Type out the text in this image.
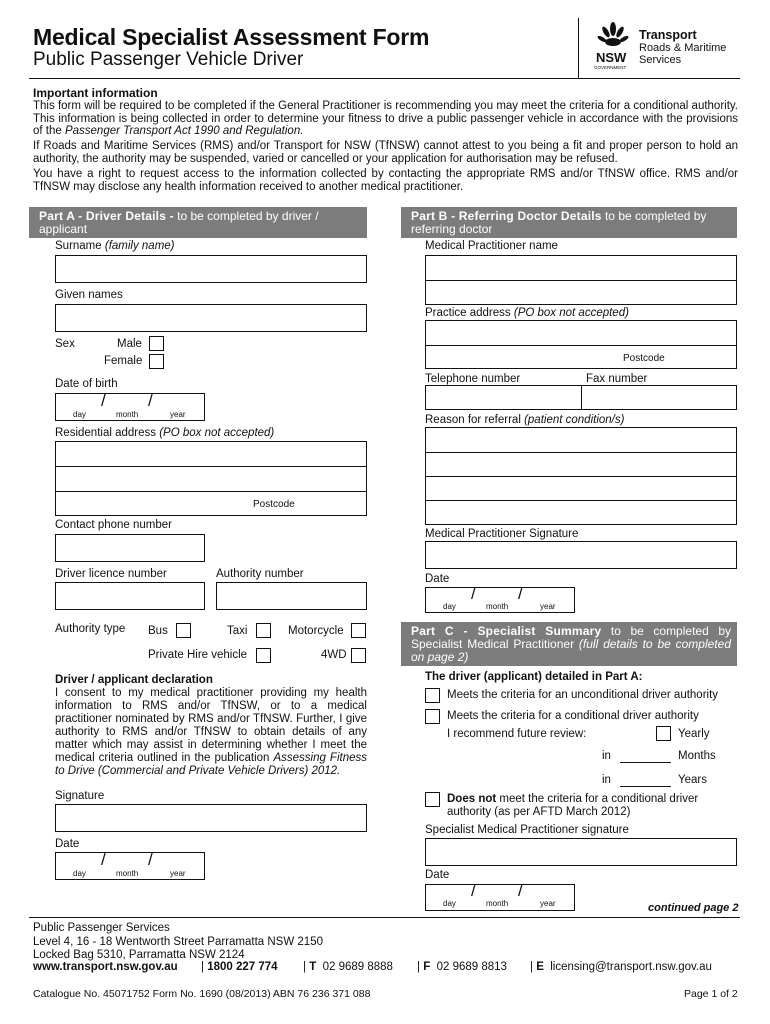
Medical Specialist Assessment Form
Public Passenger Vehicle Driver	NSW
GOVERNMENT
Transport
Roads & Maritime
Services
Important information
This form will be required to be completed if the General Practitioner is recommending you may meet the criteria for a conditional authority. This information is being collected in order to determine your fitness to drive a public passenger vehicle in accordance with the provisions of the Passenger Transport Act 1990 and Regulation.
If Roads and Maritime Services (RMS) and/or Transport for NSW (TfNSW) cannot attest to you being a fit and proper person to hold an authority, the authority may be suspended, varied or cancelled or your application for authorisation may be refused.
You have a right to request access to the information collected by contacting the appropriate RMS and/or TfNSW office. RMS and/or TfNSW may disclose any health information received to another medical practitioner.
Part A - Driver Details - to be completed by driver / applicant
Surname (family name)
Given names
Sex	Male
Female
Date of birth
/ /
day	month	year
Residential address (PO box not accepted)
Postcode
Contact phone number
Driver licence number	Authority number
Authority type Bus	Taxi	Motorcycle
Private Hire vehicle	4WD
Driver / applicant declaration
I consent to my medical practitioner providing my health information to RMS and/or TfNSW, or to a medical practitioner nominated by RMS and/or TfNSW. Further, I give authority to RMS and/or TfNSW to obtain details of any matter which may assist in determining whether I meet the medical criteria outlined in the publication Assessing Fitness to Drive (Commercial and Private Vehicle Drivers) 2012.
Signature
Date
/ /
day	month	year
Part B - Referring Doctor Details to be completed by referring doctor
Medical Practitioner name
Practice address (PO box not accepted)
Postcode
Telephone number	Fax number
Reason for referral (patient condition/s)
Medical Practitioner Signature
Date
/ /
day	month	year
Part C - Specialist Summary to be completed by Specialist Medical Practitioner (full details to be completed on page 2)
The driver (applicant) detailed in Part A:
Meets the criteria for an unconditional driver authority
Meets the criteria for a conditional driver authority
I recommend future review:	Yearly
in	Months
in	Years
Does not meet the criteria for a conditional driver authority (as per AFTD March 2012)
Specialist Medical Practitioner signature
Date
/ /
day	month	year	continued page 2
Public Passenger Services
Level 4, 16 - 18 Wentworth Street Parramatta NSW 2150
Locked Bag 5310, Parramatta NSW 2124
www.transport.nsw.gov.au | 1800 227 774 | T 02 9689 8888 | F 02 9689 8813 | E licensing@transport.nsw.gov.au
Catalogue No. 45071752 Form No. 1690 (08/2013) ABN 76 236 371 088	Page 1 of 2
